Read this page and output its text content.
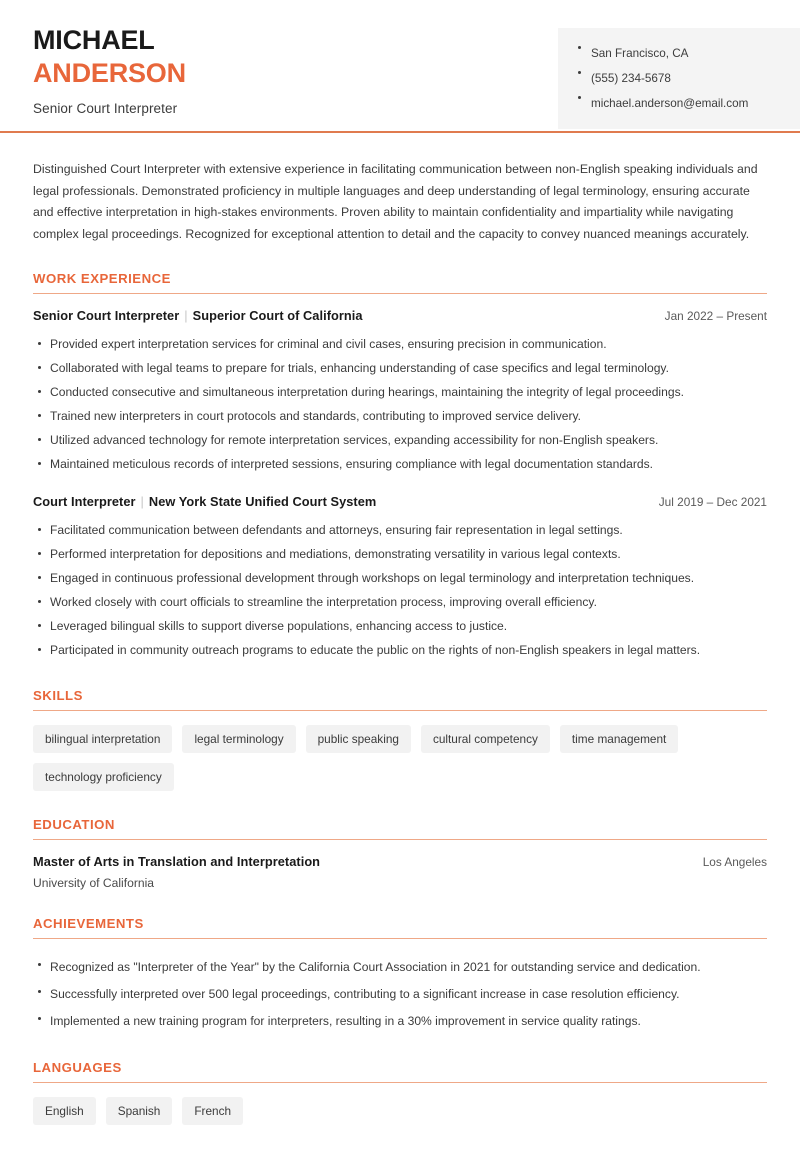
MICHAEL
ANDERSON
Senior Court Interpreter
San Francisco, CA
(555) 234-5678
michael.anderson@email.com
Distinguished Court Interpreter with extensive experience in facilitating communication between non-English speaking individuals and legal professionals. Demonstrated proficiency in multiple languages and deep understanding of legal terminology, ensuring accurate and effective interpretation in high-stakes environments. Proven ability to maintain confidentiality and impartiality while navigating complex legal proceedings. Recognized for exceptional attention to detail and the capacity to convey nuanced meanings accurately.
WORK EXPERIENCE
Senior Court Interpreter | Superior Court of California	Jan 2022 – Present
Provided expert interpretation services for criminal and civil cases, ensuring precision in communication.
Collaborated with legal teams to prepare for trials, enhancing understanding of case specifics and legal terminology.
Conducted consecutive and simultaneous interpretation during hearings, maintaining the integrity of legal proceedings.
Trained new interpreters in court protocols and standards, contributing to improved service delivery.
Utilized advanced technology for remote interpretation services, expanding accessibility for non-English speakers.
Maintained meticulous records of interpreted sessions, ensuring compliance with legal documentation standards.
Court Interpreter | New York State Unified Court System	Jul 2019 – Dec 2021
Facilitated communication between defendants and attorneys, ensuring fair representation in legal settings.
Performed interpretation for depositions and mediations, demonstrating versatility in various legal contexts.
Engaged in continuous professional development through workshops on legal terminology and interpretation techniques.
Worked closely with court officials to streamline the interpretation process, improving overall efficiency.
Leveraged bilingual skills to support diverse populations, enhancing access to justice.
Participated in community outreach programs to educate the public on the rights of non-English speakers in legal matters.
SKILLS
bilingual interpretation	legal terminology	public speaking	cultural competency	time management
technology proficiency
EDUCATION
Master of Arts in Translation and Interpretation	Los Angeles
University of California
ACHIEVEMENTS
Recognized as "Interpreter of the Year" by the California Court Association in 2021 for outstanding service and dedication.
Successfully interpreted over 500 legal proceedings, contributing to a significant increase in case resolution efficiency.
Implemented a new training program for interpreters, resulting in a 30% improvement in service quality ratings.
LANGUAGES
English	Spanish	French
